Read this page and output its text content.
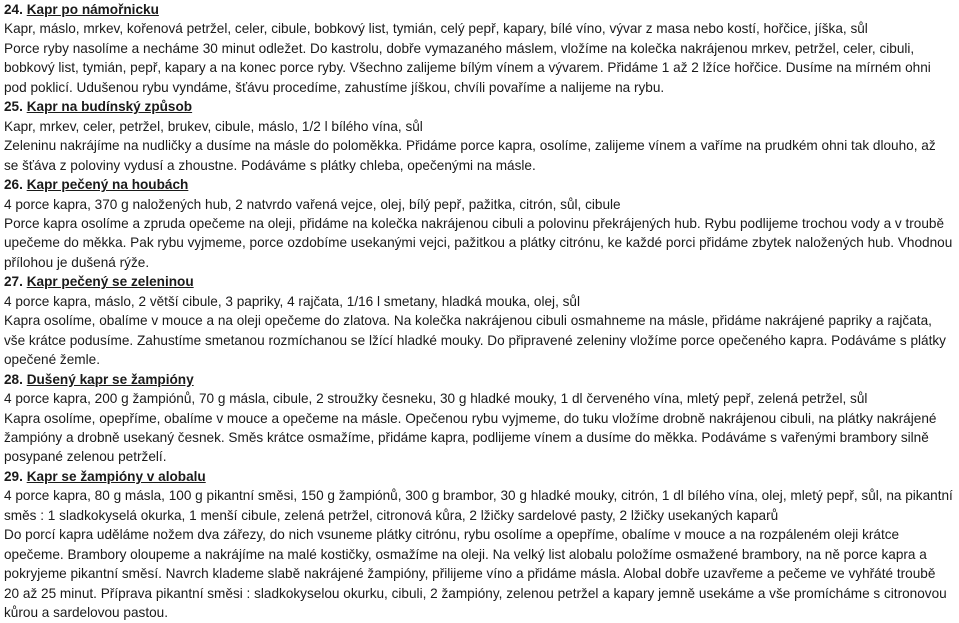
24. Kapr po námořnicku
Kapr, máslo, mrkev, kořenová petržel, celer, cibule, bobkový list, tymián, celý pepř, kapary, bílé víno, vývar z masa nebo kostí, hořčice, jíška, sůl
Porce ryby nasolíme a necháme 30 minut odležet. Do kastrolu, dobře vymazaného máslem, vložíme na kolečka nakrájenou mrkev, petržel, celer, cibuli, bobkový list, tymián, pepř, kapary a na konec porce ryby. Všechno zalijeme bílým vínem a vývarem. Přidáme 1 až 2 lžíce hořčice. Dusíme na mírném ohni pod poklicí. Udušenou rybu vyndáme, šťávu procedíme, zahustíme jíškou, chvíli povaříme a nalijeme na rybu.
25. Kapr na budínský způsob
Kapr, mrkev, celer, petržel, brukev, cibule, máslo, 1/2 l bílého vína, sůl
Zeleninu nakrájíme na nudličky a dusíme na másle do poloměkka. Přidáme porce kapra, osolíme, zalijeme vínem a vaříme na prudkém ohni tak dlouho, až se šťáva z poloviny vydusí a zhoustne. Podáváme s plátky chleba, opečenými na másle.
26. Kapr pečený na houbách
4 porce kapra, 370 g naložených hub, 2 natvrdo vařená vejce, olej, bílý pepř, pažitka, citrón, sůl, cibule
Porce kapra osolíme a zpruda opečeme na oleji, přidáme na kolečka nakrájenou cibuli a polovinu překrájených hub. Rybu podlijeme trochou vody a v troubě upečeme do měkka. Pak rybu vyjmeme, porce ozdobíme usekanými vejci, pažitkou a plátky citrónu, ke každé porci přidáme zbytek naložených hub. Vhodnou přílohou je dušená rýže.
27. Kapr pečený se zeleninou
4 porce kapra, máslo, 2 větší cibule, 3 papriky, 4 rajčata, 1/16 l smetany, hladká mouka, olej, sůl
Kapra osolíme, obalíme v mouce a na oleji opečeme do zlatova. Na kolečka nakrájenou cibuli osmahneme na másle, přidáme nakrájené papriky a rajčata, vše krátce podusíme. Zahustíme smetanou rozmíchanou se lžící hladké mouky. Do připravené zeleniny vložíme porce opečeného kapra. Podáváme s plátky opečené žemle.
28. Dušený kapr se žampióny
4 porce kapra, 200 g žampiónů, 70 g másla, cibule, 2 stroužky česneku, 30 g hladké mouky, 1 dl červeného vína, mletý pepř, zelená petržel, sůl
Kapra osolíme, opepříme, obalíme v mouce a opečeme na másle. Opečenou rybu vyjmeme, do tuku vložíme drobně nakrájenou cibuli, na plátky nakrájené žampióny a drobně usekaný česnek. Směs krátce osmažíme, přidáme kapra, podlijeme vínem a dusíme do měkka. Podáváme s vařenými brambory silně posypané zelenou petrželí.
29. Kapr se žampióny v alobalu
4 porce kapra, 80 g másla, 100 g pikantní směsi, 150 g žampiónů, 300 g brambor, 30 g hladké mouky, citrón, 1 dl bílého vína, olej, mletý pepř, sůl, na pikantní směs : 1 sladkokyselá okurka, 1 menší cibule, zelená petržel, citronová kůra, 2 lžičky sardelové pasty, 2 lžičky usekaných kaparů
Do porcí kapra uděláme nožem dva zářezy, do nich vsuneme plátky citrónu, rybu osolíme a opepříme, obalíme v mouce a na rozpáleném oleji krátce opečeme. Brambory oloupeme a nakrájíme na malé kostičky, osmažíme na oleji. Na velký list alobalu položíme osmažené brambory, na ně porce kapra a pokryjeme pikantní směsí. Navrch klademe slabě nakrájené žampióny, přilijeme víno a přidáme másla. Alobal dobře uzavřeme a pečeme ve vyhřáté troubě 20 až 25 minut. Příprava pikantní směsi : sladkokyselou okurku, cibuli, 2 žampióny, zelenou petržel a kapary jemně usekáme a vše promícháme s citronovou kůrou a sardelovou pastou.
